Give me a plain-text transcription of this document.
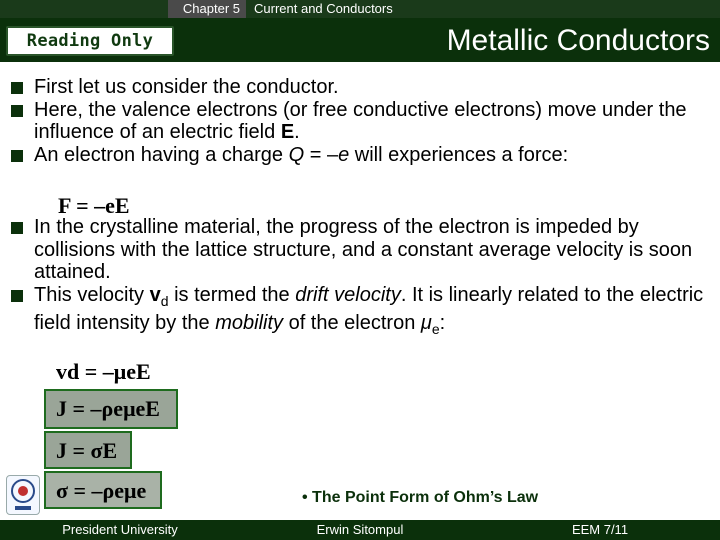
Chapter 5	Current and Conductors
Reading Only	Metallic Conductors
First let us consider the conductor.
Here, the valence electrons (or free conductive electrons) move under the influence of an electric field E.
An electron having a charge Q = –e will experiences a force:
In the crystalline material, the progress of the electron is impeded by collisions with the lattice structure, and a constant average velocity is soon attained.
This velocity $v_d$ is termed the drift velocity. It is linearly related to the electric field intensity by the mobility of the electron $\mu_e$:
F = –eE
vd = –μeE
J = –ρeμeE
J = σE
σ = –ρeμe	• The Point Form of Ohm’s Law
President University	Erwin Sitompul	EEM 7/11
